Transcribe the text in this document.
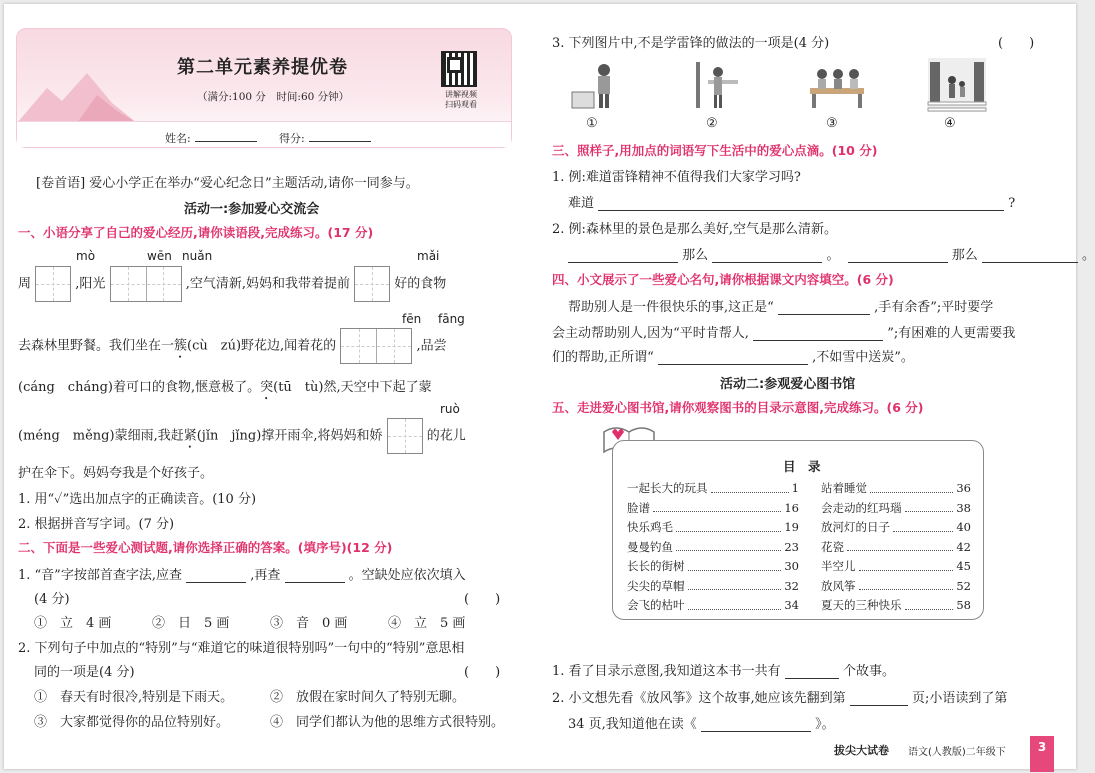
第二单元素养提优卷
（满分:100 分　时间:60 分钟）	讲解视频
扫码观看
姓名:	得分:
[卷首语] 爱心小学正在举办“爱心纪念日”主题活动,请你一同参与。
活动一:参加爱心交流会
一、小语分享了自己的爱心经历,请你读语段,完成练习。(17 分)
mò	wēn nuǎn	mǎi
周	,阳光	,空气清新,妈妈和我带着提前	好的食物
fēn fāng
去森林里野餐。我们坐在一簇(cù　zú)野花边,闻着花的	,品尝
(cáng　cháng)着可口的食物,惬意极了。突(tū　tù)然,天空中下起了蒙
ruò
(méng　měng)蒙细雨,我赶紧(jǐn　jǐng)撑开雨伞,将妈妈和娇	的花儿
护在伞下。妈妈夸我是个好孩子。
1. 用“✓”选出加点字的正确读音。(10 分)
2. 根据拼音写字词。(7 分)
二、下面是一些爱心测试题,请你选择正确的答案。(填序号)(12 分)
1. “音”字按部首查字法,应查	,再查	。空缺处应依次填入
(4 分)	(　　)
①　立　4 画	②　日　5 画	③　音　0 画	④　立　5 画
2. 下列句子中加点的“特别”与“难道它的味道很特别吗”一句中的“特别”意思相
同的一项是(4 分)	(　　)
①　春天有时很冷,特别是下雨天。	②　放假在家时间久了特别无聊。
③　大家都觉得你的品位特别好。	④　同学们都认为他的思维方式很特别。
3. 下列图片中,不是学雷锋的做法的一项是(4 分)	(　　)
①	②	③	④
三、照样子,用加点的词语写下生活中的爱心点滴。(10 分)
1. 例:难道雷锋精神不值得我们大家学习吗?
难道	?
2. 例:森林里的景色是那么美好,空气是那么清新。
那么	。	那么	。
四、小文展示了一些爱心名句,请你根据课文内容填空。(6 分)
帮助别人是一件很快乐的事,这正是“	,手有余香”;平时要学
会主动帮助别人,因为“平时肯帮人,	”;有困难的人更需要我
们的帮助,正所谓“	,不如雪中送炭”。
活动二:参观爱心图书馆
五、走进爱心图书馆,请你观察图书的目录示意图,完成练习。(6 分)
目　录
一起长大的玩具	1
脸谱	16
快乐鸡毛	19
曼曼钓鱼	23
长长的街树	30
尖尖的草帽	32
会飞的枯叶	34
站着睡觉	36
会走动的红玛瑙	38
放河灯的日子	40
花瓷	42
半空儿	45
放风筝	52
夏天的三种快乐	58
1. 看了目录示意图,我知道这本书一共有	个故事。
2. 小文想先看《放风筝》这个故事,她应该先翻到第	页;小语读到了第
34 页,我知道他在读《	》。
拔尖大试卷 语文(人教版)二年级下	3
